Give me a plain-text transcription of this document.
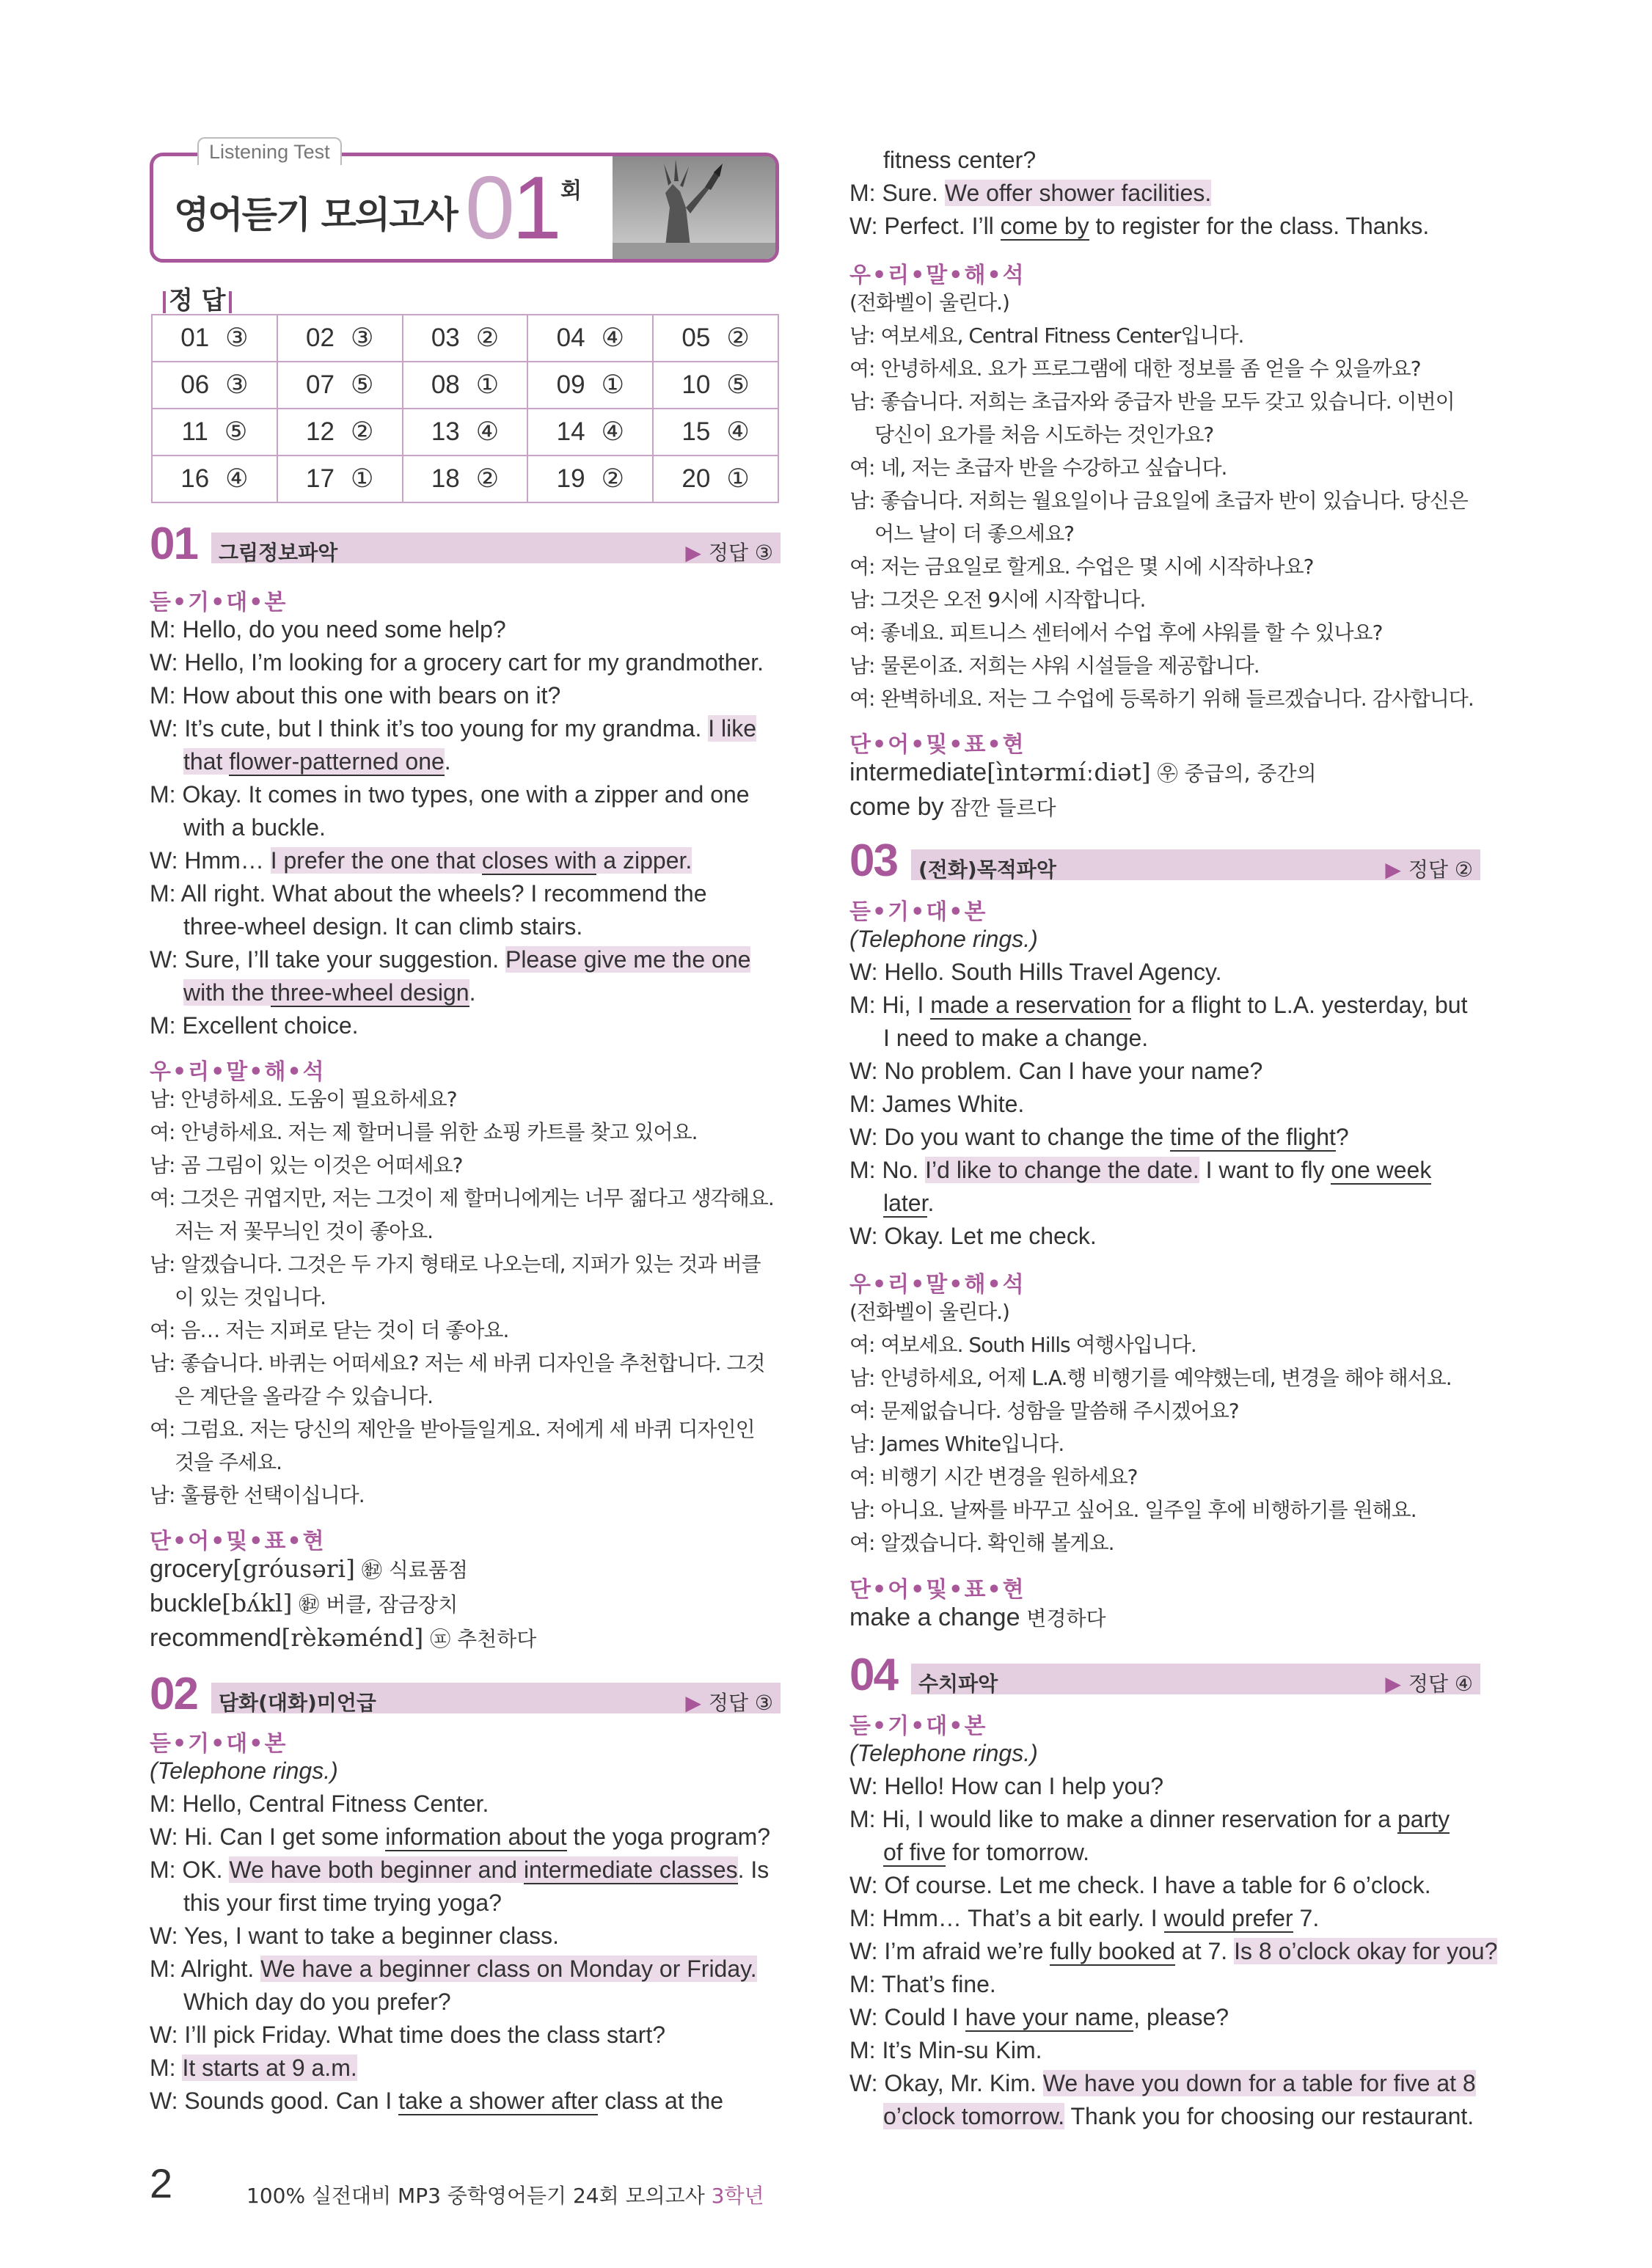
Listening Test
영어듣기 모의고사 01 회
정 답
01 ③	02 ③	03 ②	04 ④	05 ②
06 ③	07 ⑤	08 ①	09 ①	10 ⑤
11 ⑤	12 ②	13 ④	14 ④	15 ④
16 ④	17 ①	18 ②	19 ②	20 ①
01 그림정보파악	▶ 정답 ③
듣•기•대•본
M: Hello, do you need some help?
W: Hello, I’m looking for a grocery cart for my grandmother.
M: How about this one with bears on it?
W: It’s cute, but I think it’s too young for my grandma. I like
that flower-patterned one.
M: Okay. It comes in two types, one with a zipper and one
with a buckle.
W: Hmm… I prefer the one that closes with a zipper.
M: All right. What about the wheels? I recommend the
three-wheel design. It can climb stairs.
W: Sure, I’ll take your suggestion. Please give me the one
with the three-wheel design.
M: Excellent choice.
우•리•말•해•석
남: 안녕하세요. 도움이 필요하세요?
여: 안녕하세요. 저는 제 할머니를 위한 쇼핑 카트를 찾고 있어요.
남: 곰 그림이 있는 이것은 어떠세요?
여: 그것은 귀엽지만, 저는 그것이 제 할머니에게는 너무 젊다고 생각해요.
저는 저 꽃무늬인 것이 좋아요.
남: 알겠습니다. 그것은 두 가지 형태로 나오는데, 지퍼가 있는 것과 버클
이 있는 것입니다.
여: 음… 저는 지퍼로 닫는 것이 더 좋아요.
남: 좋습니다. 바퀴는 어떠세요? 저는 세 바퀴 디자인을 추천합니다. 그것
은 계단을 올라갈 수 있습니다.
여: 그럼요. 저는 당신의 제안을 받아들일게요. 저에게 세 바퀴 디자인인
것을 주세요.
남: 훌륭한 선택이십니다.
단•어•및•표•현
grocery[gróusəri] ㉼ 식료품점
buckle[bʌ́kl] ㉼ 버클, 잠금장치
recommend[rèkəménd] ㉬ 추천하다
02 담화(대화)미언급	▶ 정답 ③
듣•기•대•본
(Telephone rings.)
M: Hello, Central Fitness Center.
W: Hi. Can I get some information about the yoga program?
M: OK. We have both beginner and intermediate classes. Is
this your first time trying yoga?
W: Yes, I want to take a beginner class.
M: Alright. We have a beginner class on Monday or Friday.
Which day do you prefer?
W: I’ll pick Friday. What time does the class start?
M: It starts at 9 a.m.
W: Sounds good. Can I take a shower after class at the
fitness center?
M: Sure. We offer shower facilities.
W: Perfect. I’ll come by to register for the class. Thanks.
우•리•말•해•석
(전화벨이 울린다.)
남: 여보세요, Central Fitness Center입니다.
여: 안녕하세요. 요가 프로그램에 대한 정보를 좀 얻을 수 있을까요?
남: 좋습니다. 저희는 초급자와 중급자 반을 모두 갖고 있습니다. 이번이
당신이 요가를 처음 시도하는 것인가요?
여: 네, 저는 초급자 반을 수강하고 싶습니다.
남: 좋습니다. 저희는 월요일이나 금요일에 초급자 반이 있습니다. 당신은
어느 날이 더 좋으세요?
여: 저는 금요일로 할게요. 수업은 몇 시에 시작하나요?
남: 그것은 오전 9시에 시작합니다.
여: 좋네요. 피트니스 센터에서 수업 후에 샤워를 할 수 있나요?
남: 물론이죠. 저희는 샤워 시설들을 제공합니다.
여: 완벽하네요. 저는 그 수업에 등록하기 위해 들르겠습니다. 감사합니다.
단•어•및•표•현
intermediate[ìntərmíːdiət] ㉾ 중급의, 중간의
come by 잠깐 들르다
03 (전화)목적파악	▶ 정답 ②
듣•기•대•본
(Telephone rings.)
W: Hello. South Hills Travel Agency.
M: Hi, I made a reservation for a flight to L.A. yesterday, but
I need to make a change.
W: No problem. Can I have your name?
M: James White.
W: Do you want to change the time of the flight?
M: No. I’d like to change the date. I want to fly one week
later.
W: Okay. Let me check.
우•리•말•해•석
(전화벨이 울린다.)
여: 여보세요. South Hills 여행사입니다.
남: 안녕하세요, 어제 L.A.행 비행기를 예약했는데, 변경을 해야 해서요.
여: 문제없습니다. 성함을 말씀해 주시겠어요?
남: James White입니다.
여: 비행기 시간 변경을 원하세요?
남: 아니요. 날짜를 바꾸고 싶어요. 일주일 후에 비행하기를 원해요.
여: 알겠습니다. 확인해 볼게요.
단•어•및•표•현
make a change 변경하다
04 수치파악	▶ 정답 ④
듣•기•대•본
(Telephone rings.)
W: Hello! How can I help you?
M: Hi, I would like to make a dinner reservation for a party
of five for tomorrow.
W: Of course. Let me check. I have a table for 6 o’clock.
M: Hmm… That’s a bit early. I would prefer 7.
W: I’m afraid we’re fully booked at 7. Is 8 o’clock okay for you?
M: That’s fine.
W: Could I have your name, please?
M: It’s Min-su Kim.
W: Okay, Mr. Kim. We have you down for a table for five at 8
o’clock tomorrow. Thank you for choosing our restaurant.
2	100% 실전대비 MP3 중학영어듣기 24회 모의고사 3학년
